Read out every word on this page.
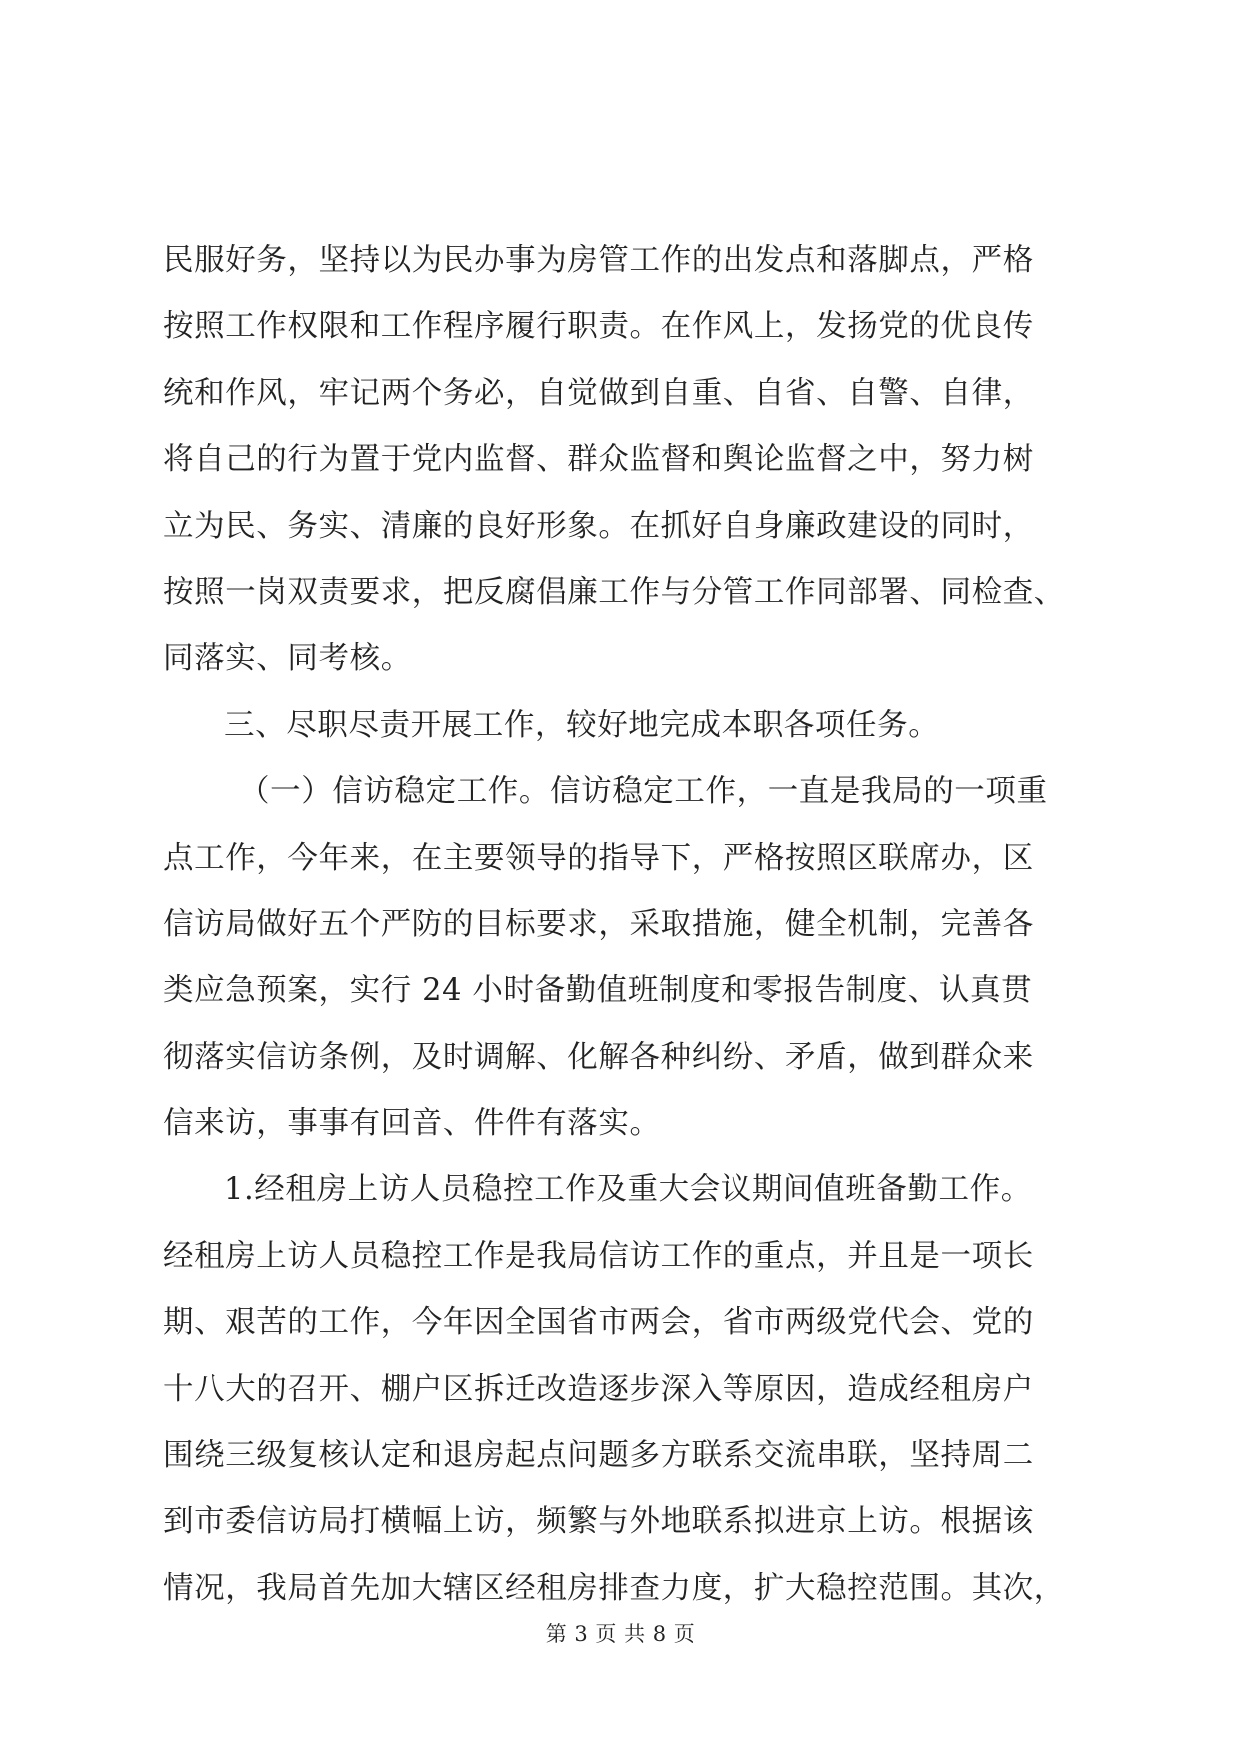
民服好务，坚持以为民办事为房管工作的出发点和落脚点，严格
按照工作权限和工作程序履行职责。在作风上，发扬党的优良传
统和作风，牢记两个务必，自觉做到自重、自省、自警、自律，
将自己的行为置于党内监督、群众监督和舆论监督之中，努力树
立为民、务实、清廉的良好形象。在抓好自身廉政建设的同时，
按照一岗双责要求，把反腐倡廉工作与分管工作同部署、同检查、
同落实、同考核。
三、尽职尽责开展工作，较好地完成本职各项任务。
（一）信访稳定工作。信访稳定工作，一直是我局的一项重
点工作，今年来，在主要领导的指导下，严格按照区联席办，区
信访局做好五个严防的目标要求，采取措施，健全机制，完善各
类应急预案，实行 24 小时备勤值班制度和零报告制度、认真贯
彻落实信访条例，及时调解、化解各种纠纷、矛盾，做到群众来
信来访，事事有回音、件件有落实。
1.经租房上访人员稳控工作及重大会议期间值班备勤工作。
经租房上访人员稳控工作是我局信访工作的重点，并且是一项长
期、艰苦的工作，今年因全国省市两会，省市两级党代会、党的
十八大的召开、棚户区拆迁改造逐步深入等原因，造成经租房户
围绕三级复核认定和退房起点问题多方联系交流串联，坚持周二
到市委信访局打横幅上访，频繁与外地联系拟进京上访。根据该
情况，我局首先加大辖区经租房排查力度，扩大稳控范围。其次，
第 3 页 共 8 页
